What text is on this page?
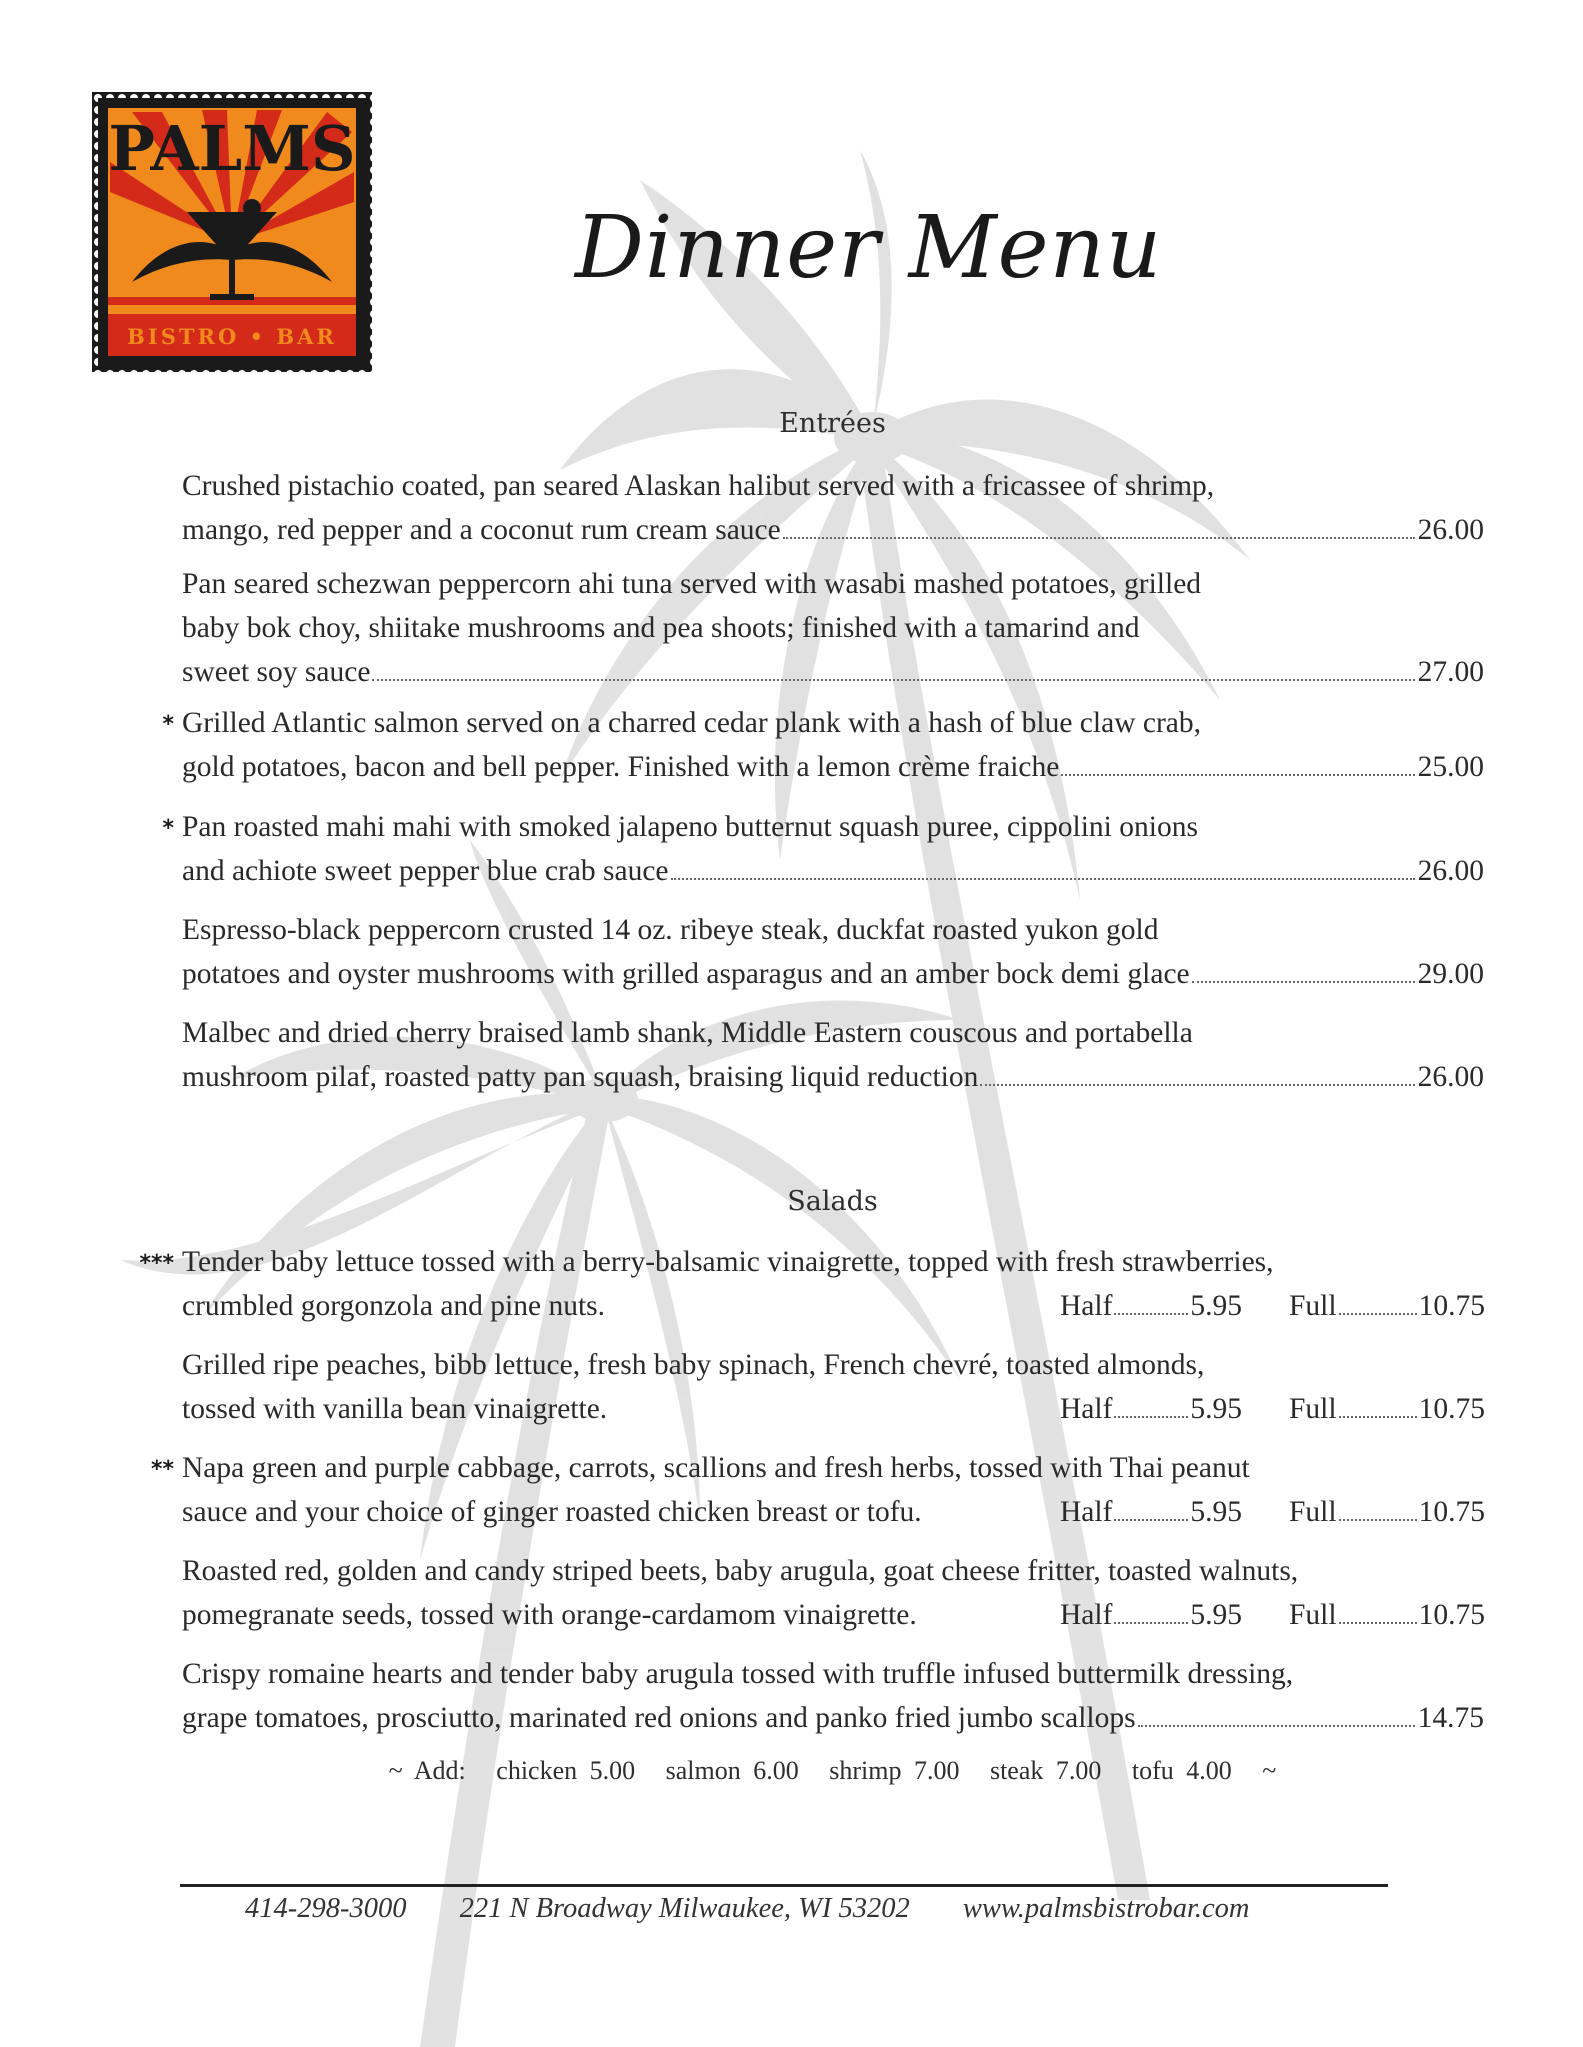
PALMS
BISTRO • BAR
Dinner Menu
Entrées
Crushed pistachio coated, pan seared Alaskan halibut served with a fricassee of shrimp,
mango, red pepper and a coconut rum cream sauce	26.00
Pan seared schezwan peppercorn ahi tuna served with wasabi mashed potatoes, grilled
baby bok choy, shiitake mushrooms and pea shoots; finished with a tamarind and
sweet soy sauce	27.00
* Grilled Atlantic salmon served on a charred cedar plank with a hash of blue claw crab,
gold potatoes, bacon and bell pepper. Finished with a lemon crème fraiche	25.00
* Pan roasted mahi mahi with smoked jalapeno butternut squash puree, cippolini onions
and achiote sweet pepper blue crab sauce	26.00
Espresso-black peppercorn crusted 14 oz. ribeye steak, duckfat roasted yukon gold
potatoes and oyster mushrooms with grilled asparagus and an amber bock demi glace	29.00
Malbec and dried cherry braised lamb shank, Middle Eastern couscous and portabella
mushroom pilaf, roasted patty pan squash, braising liquid reduction	26.00
Salads
*** Tender baby lettuce tossed with a berry-balsamic vinaigrette, topped with fresh strawberries,
crumbled gorgonzola and pine nuts.	Half	5.95 Full	10.75
Grilled ripe peaches, bibb lettuce, fresh baby spinach, French chevré, toasted almonds,
tossed with vanilla bean vinaigrette.	Half	5.95 Full	10.75
** Napa green and purple cabbage, carrots, scallions and fresh herbs, tossed with Thai peanut
sauce and your choice of ginger roasted chicken breast or tofu.	Half	5.95 Full	10.75
Roasted red, golden and candy striped beets, baby arugula, goat cheese fritter, toasted walnuts,
pomegranate seeds, tossed with orange-cardamom vinaigrette.	Half	5.95 Full	10.75
Crispy romaine hearts and tender baby arugula tossed with truffle infused buttermilk dressing,
grape tomatoes, prosciutto, marinated red onions and panko fried jumbo scallops	14.75
~ Add: chicken 5.00 salmon 6.00 shrimp 7.00 steak 7.00 tofu 4.00 ~
414-298-3000 221 N Broadway Milwaukee, WI 53202 www.palmsbistrobar.com
